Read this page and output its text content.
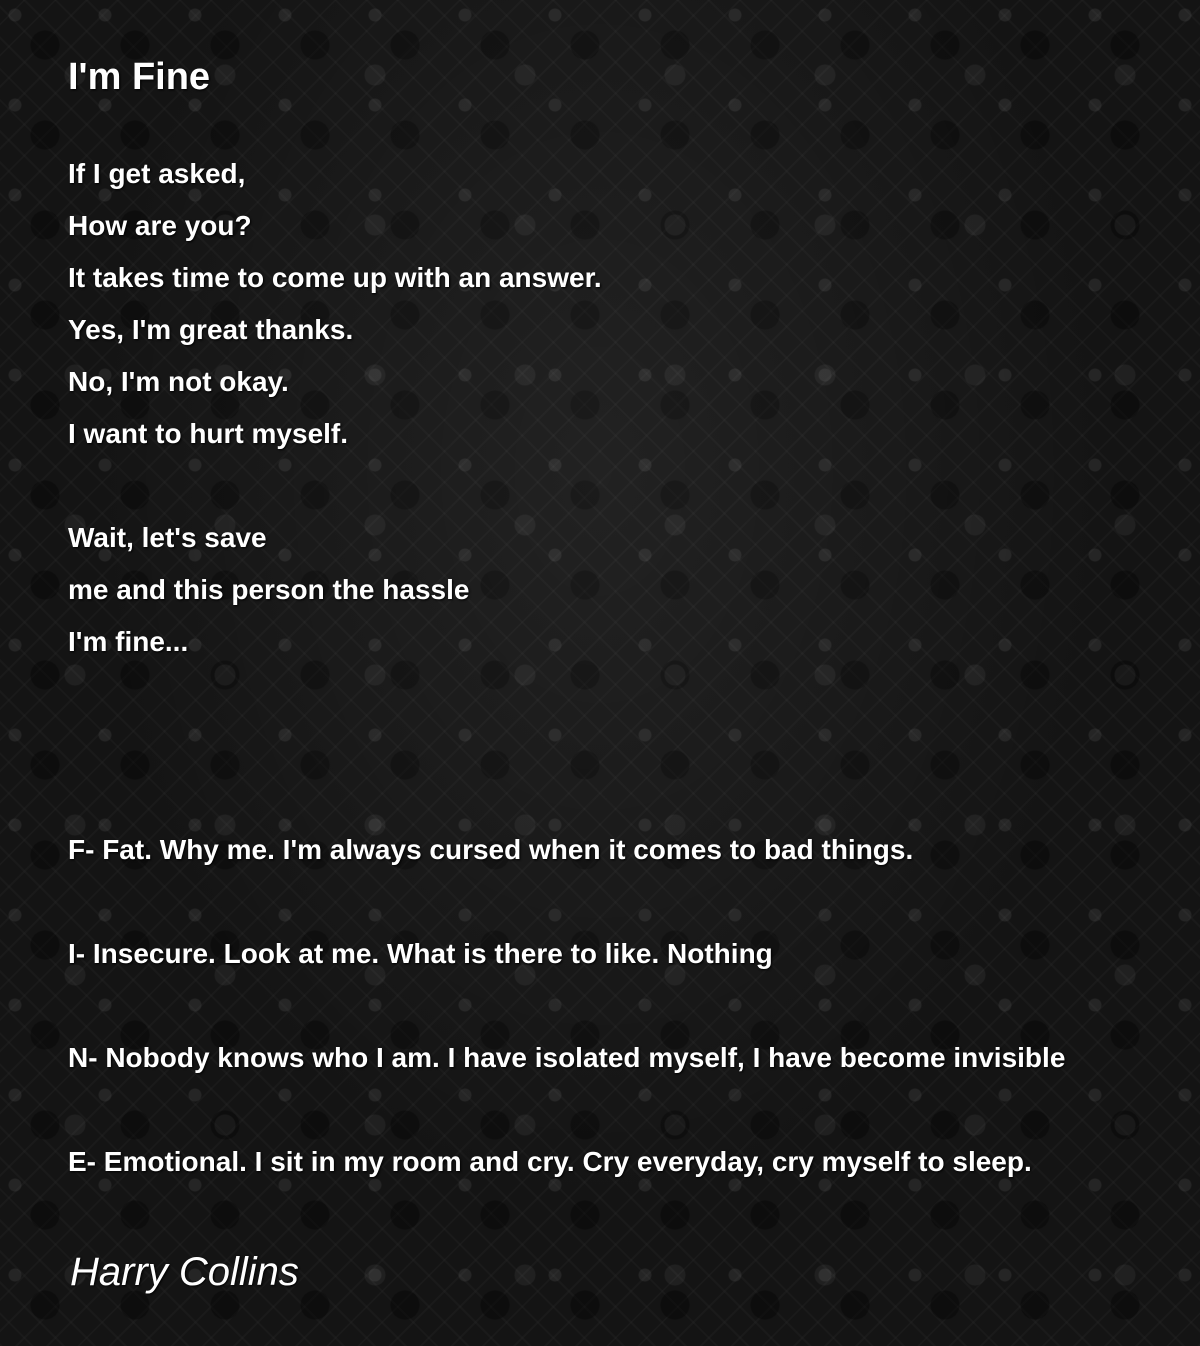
I'm Fine
If I get asked,
How are you?
It takes time to come up with an answer.
Yes, I'm great thanks.
No, I'm not okay.
I want to hurt myself.
Wait, let's save
me and this person the hassle
I'm fine...
F- Fat. Why me. I'm always cursed when it comes to bad things.
I- Insecure. Look at me. What is there to like. Nothing
N- Nobody knows who I am. I have isolated myself, I have become invisible
E- Emotional. I sit in my room and cry. Cry everyday, cry myself to sleep.
Harry Collins
